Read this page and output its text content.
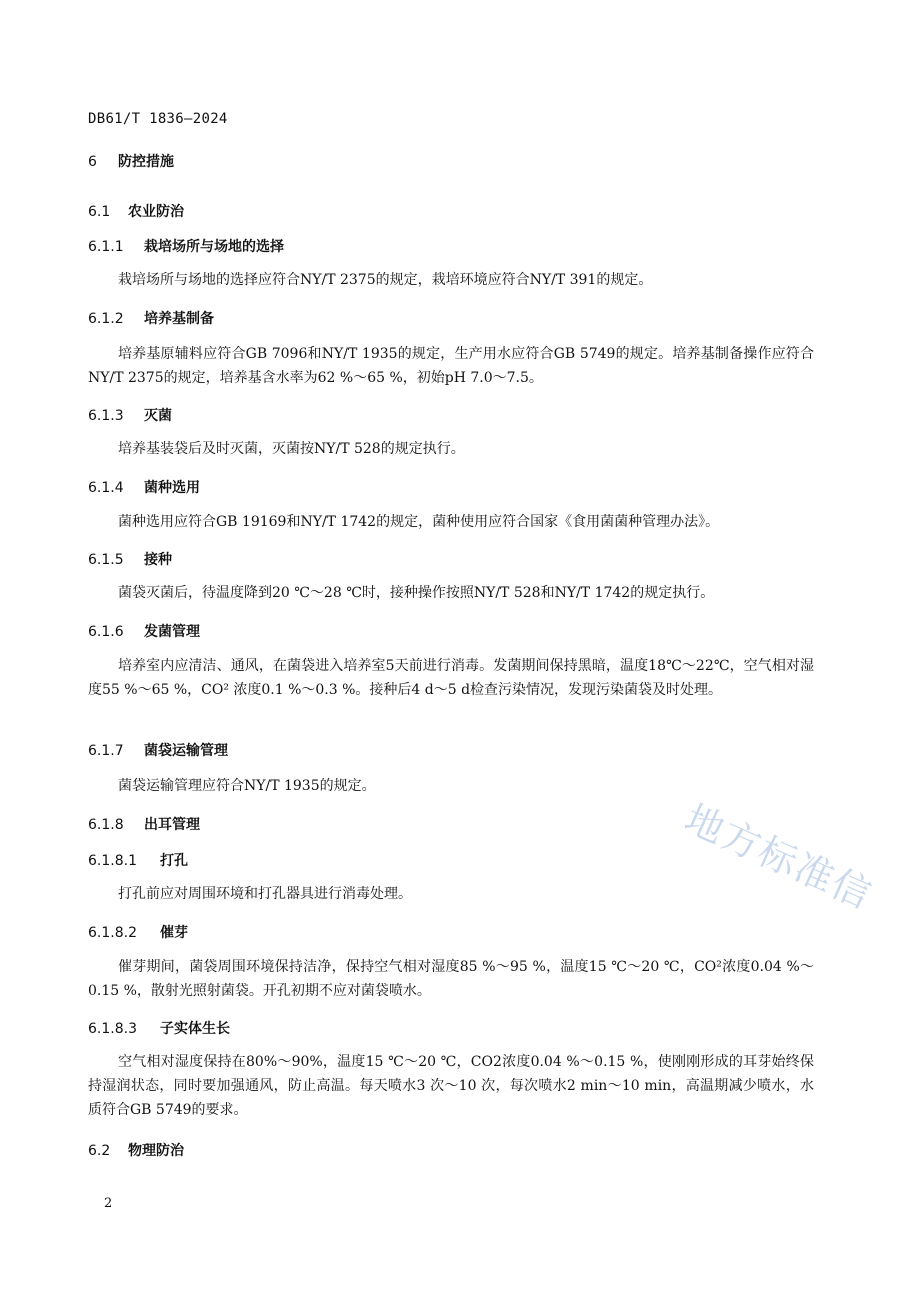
DB61/T 1836—2024
6 防控措施
6.1 农业防治
6.1.1 栽培场所与场地的选择
栽培场所与场地的选择应符合NY/T 2375的规定，栽培环境应符合NY/T 391的规定。
6.1.2 培养基制备
培养基原辅料应符合GB 7096和NY/T 1935的规定，生产用水应符合GB 5749的规定。培养基制备操作应符合NY/T 2375的规定，培养基含水率为62 %～65 %，初始pH 7.0～7.5。
6.1.3 灭菌
培养基装袋后及时灭菌，灭菌按NY/T 528的规定执行。
6.1.4 菌种选用
菌种选用应符合GB 19169和NY/T 1742的规定，菌种使用应符合国家《食用菌菌种管理办法》。
6.1.5 接种
菌袋灭菌后，待温度降到20 ℃～28 ℃时，接种操作按照NY/T 528和NY/T 1742的规定执行。
6.1.6 发菌管理
培养室内应清洁、通风，在菌袋进入培养室5天前进行消毒。发菌期间保持黑暗，温度18℃～22℃，空气相对湿度55 %～65 %，CO² 浓度0.1 %～0.3 %。接种后4 d～5 d检查污染情况，发现污染菌袋及时处理。
6.1.7 菌袋运输管理
菌袋运输管理应符合NY/T 1935的规定。
6.1.8 出耳管理
6.1.8.1 打孔
打孔前应对周围环境和打孔器具进行消毒处理。
6.1.8.2 催芽
催芽期间，菌袋周围环境保持洁净，保持空气相对湿度85 %～95 %，温度15 ℃～20 ℃，CO²浓度0.04 %～0.15 %，散射光照射菌袋。开孔初期不应对菌袋喷水。
6.1.8.3 子实体生长
空气相对湿度保持在80%～90%，温度15 ℃～20 ℃，CO2浓度0.04 %～0.15 %，使刚刚形成的耳芽始终保持湿润状态，同时要加强通风，防止高温。每天喷水3 次～10 次，每次喷水2 min～10 min，高温期减少喷水，水质符合GB 5749的要求。
6.2 物理防治
2
地方标准信
